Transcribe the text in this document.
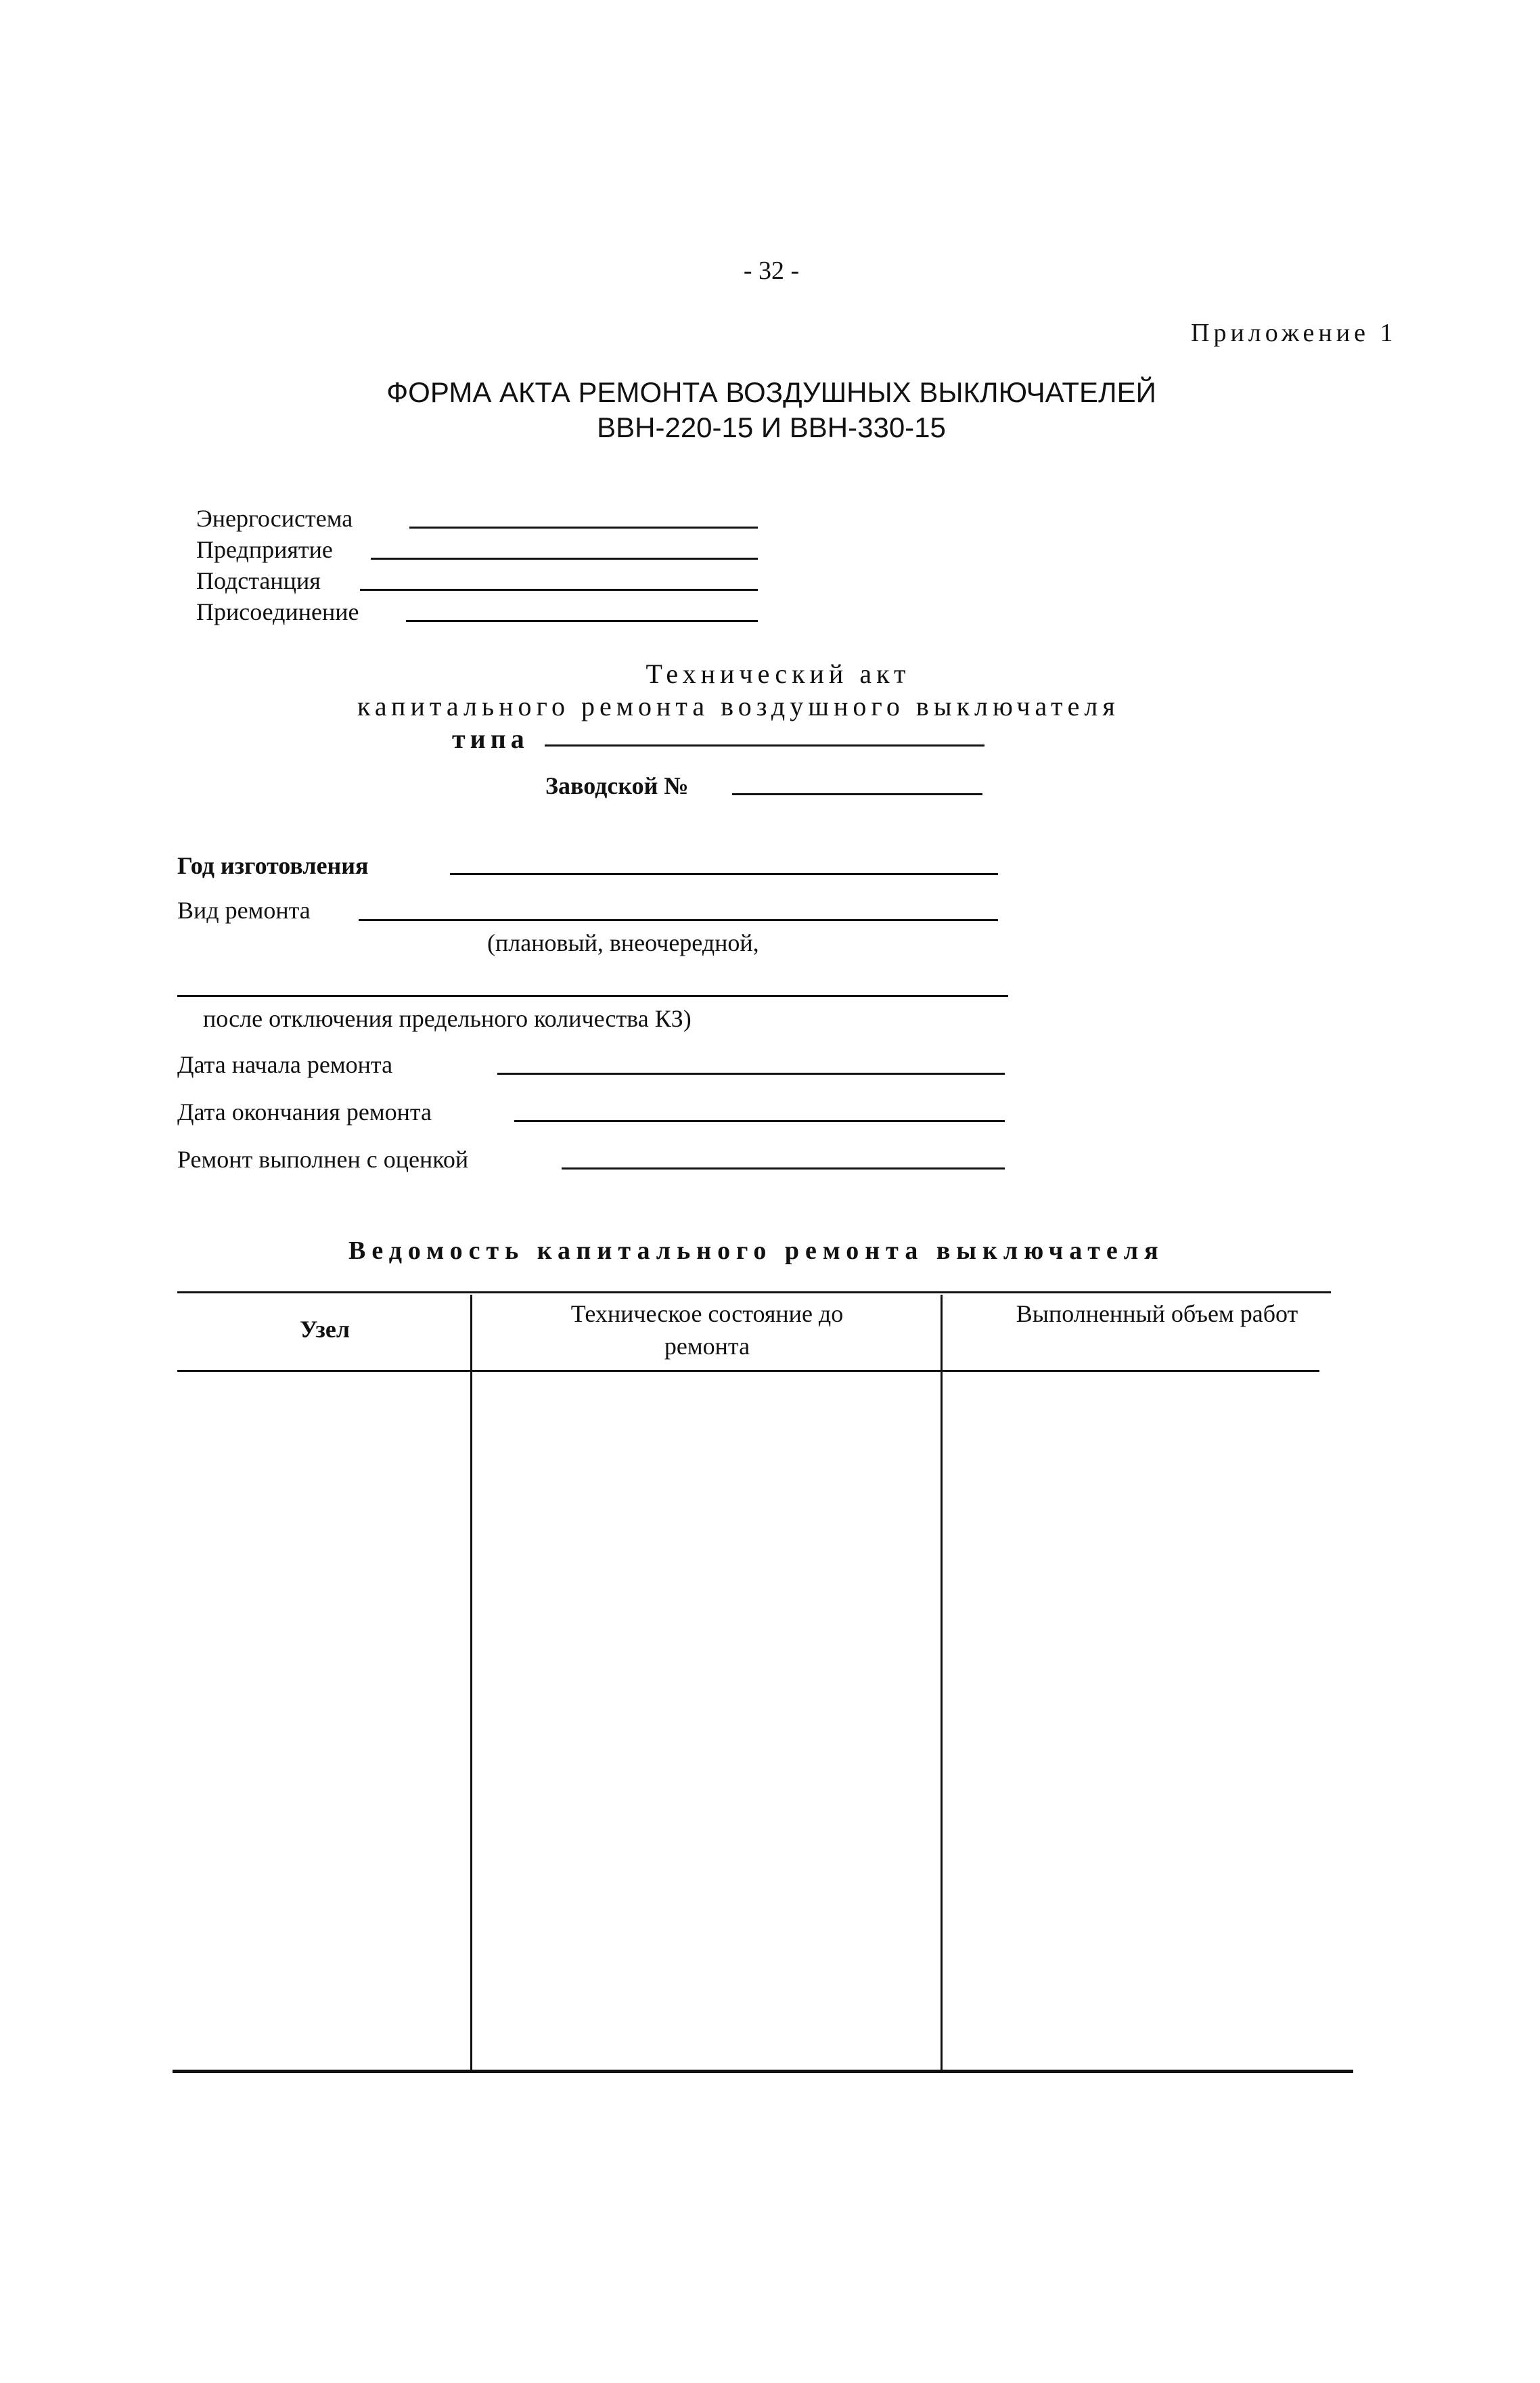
- 32 -
Приложение 1
ФОРМА АКТА РЕМОНТА ВОЗДУШНЫХ ВЫКЛЮЧАТЕЛЕЙ
ВВН-220-15 И ВВН-330-15
Энергосистема
Предприятие
Подстанция
Присоединение
Технический акт
капитального ремонта воздушного выключателя
типа
Заводской №
Год изготовления
Вид ремонта
(плановый, внеочередной,
после отключения предельного количества КЗ)
Дата начала ремонта
Дата окончания ремонта
Ремонт выполнен с оценкой
Ведомость капитального ремонта выключателя
Узел
Техническое состояние до ремонта
Выполненный объем работ
